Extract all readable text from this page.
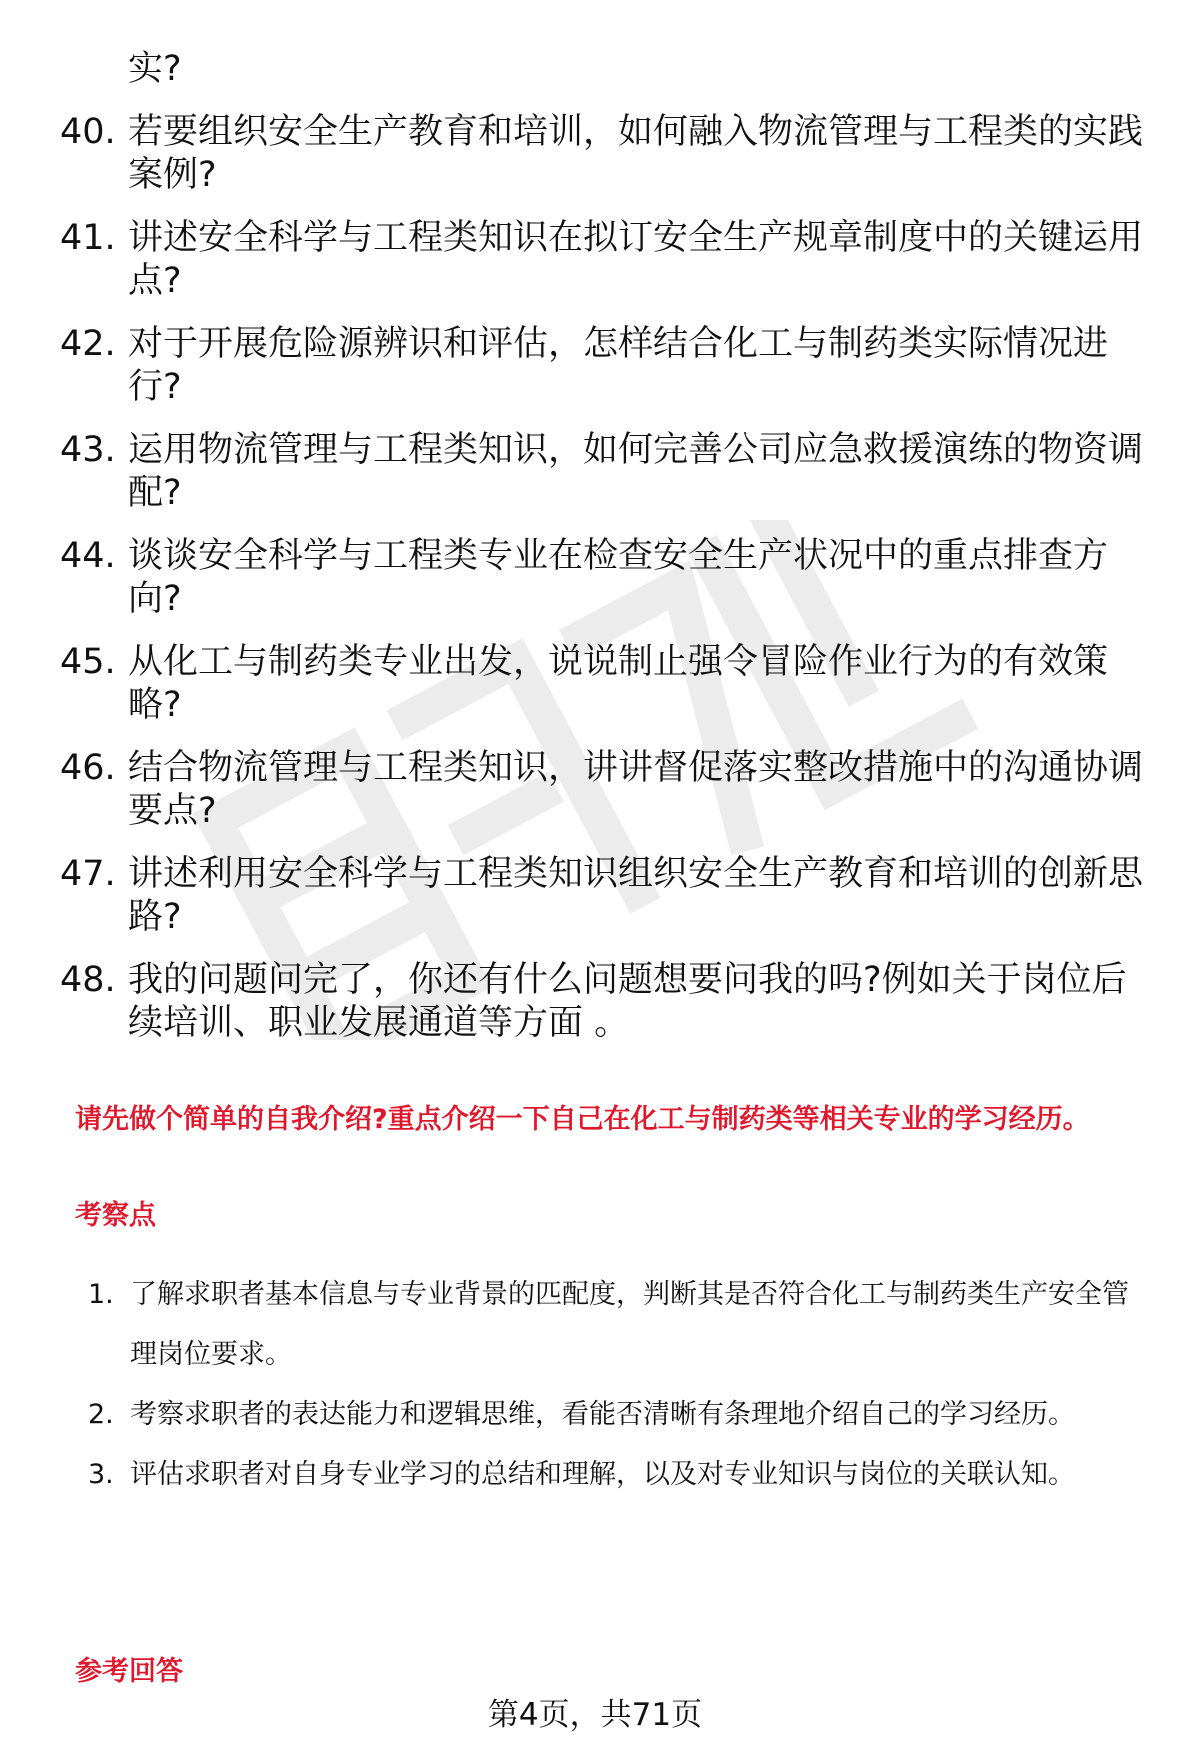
实?
40. 若要组织安全生产教育和培训，如何融入物流管理与工程类的实践案例?
41. 讲述安全科学与工程类知识在拟订安全生产规章制度中的关键运用点?
42. 对于开展危险源辨识和评估，怎样结合化工与制药类实际情况进行?
43. 运用物流管理与工程类知识，如何完善公司应急救援演练的物资调配?
44. 谈谈安全科学与工程类专业在检查安全生产状况中的重点排查方向?
45. 从化工与制药类专业出发，说说制止强令冒险作业行为的有效策略?
46. 结合物流管理与工程类知识，讲讲督促落实整改措施中的沟通协调要点?
47. 讲述利用安全科学与工程类知识组织安全生产教育和培训的创新思路?
48. 我的问题问完了，你还有什么问题想要问我的吗?例如关于岗位后续培训、职业发展通道等方面 。
请先做个简单的自我介绍?重点介绍一下自己在化工与制药类等相关专业的学习经历。
考察点
1. 了解求职者基本信息与专业背景的匹配度，判断其是否符合化工与制药类生产安全管理岗位要求。
2. 考察求职者的表达能力和逻辑思维，看能否清晰有条理地介绍自己的学习经历。
3. 评估求职者对自身专业学习的总结和理解，以及对专业知识与岗位的关联认知。
参考回答
第4页，共71页
